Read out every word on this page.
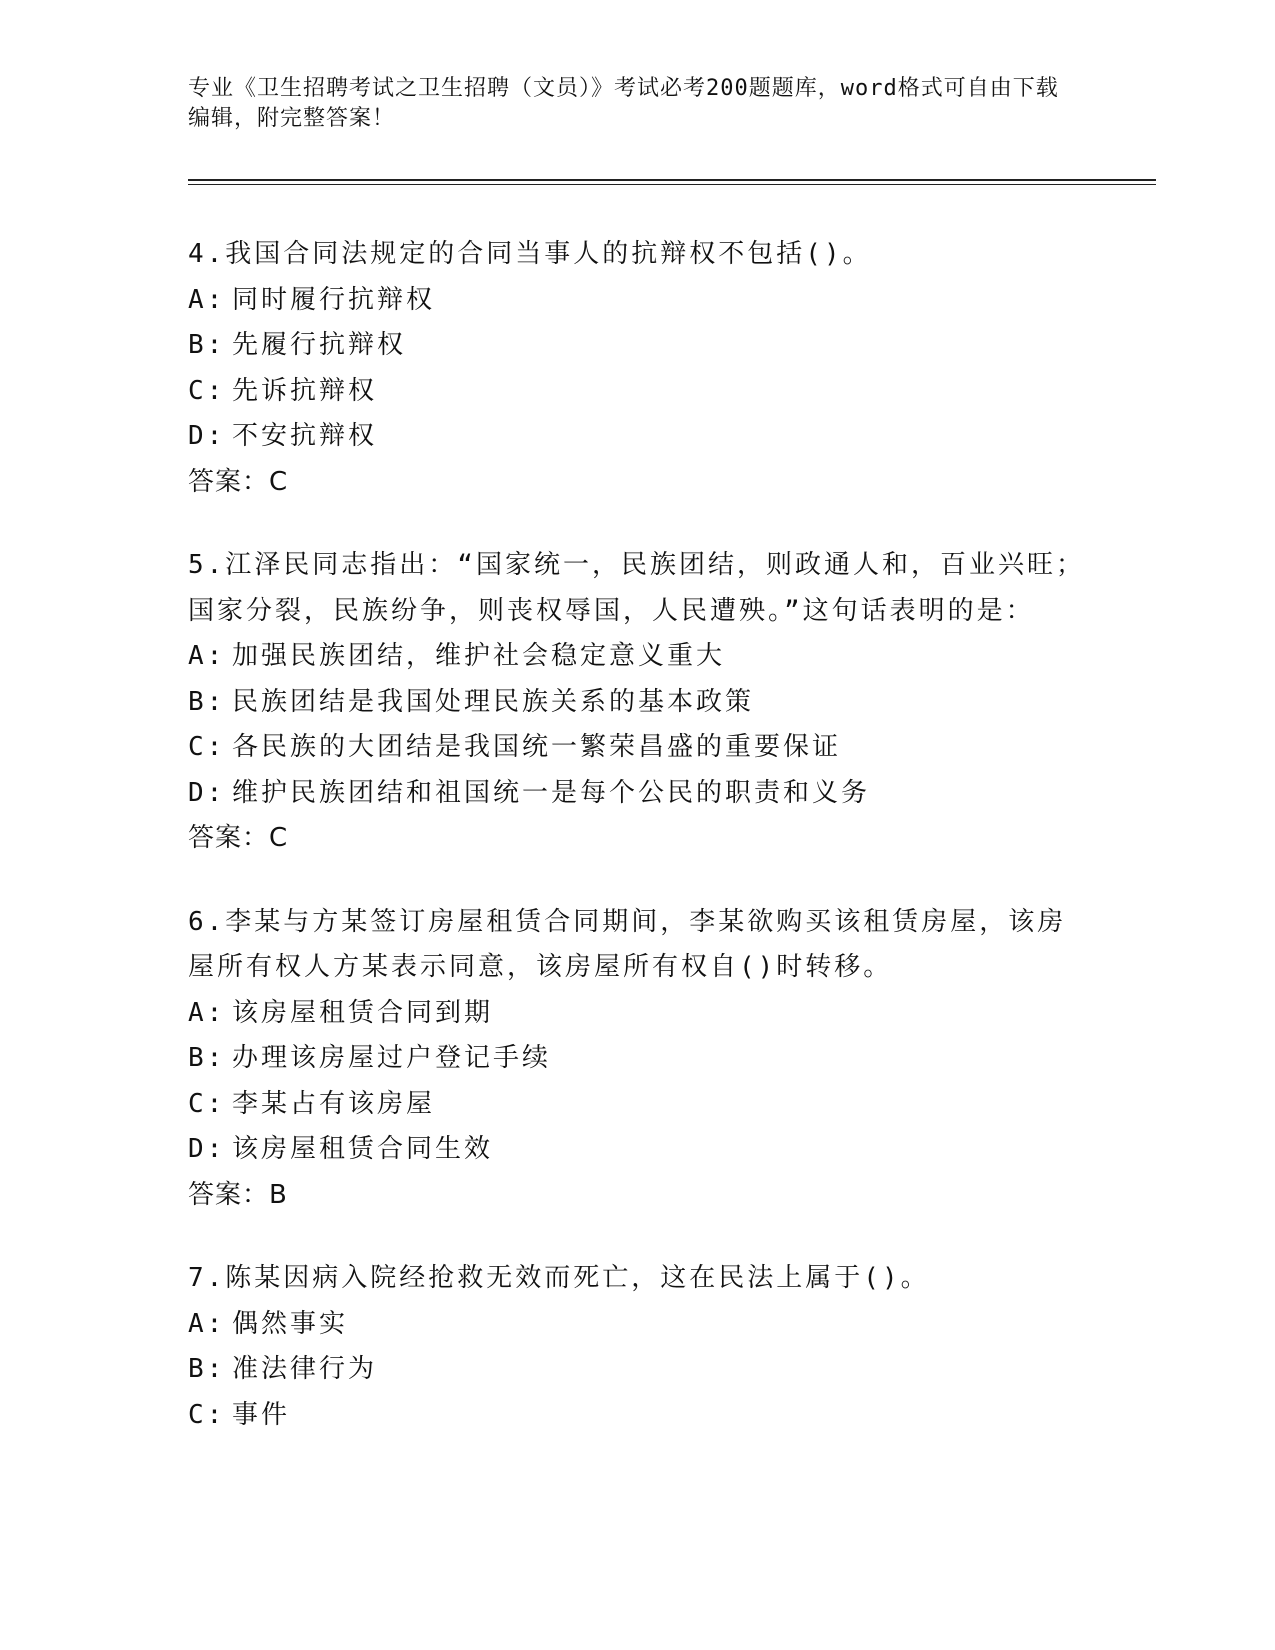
专业《卫生招聘考试之卫生招聘（文员）》考试必考200题题库，word格式可自由下载编辑，附完整答案！
4.我国合同法规定的合同当事人的抗辩权不包括()。
A: 同时履行抗辩权
B: 先履行抗辩权
C: 先诉抗辩权
D: 不安抗辩权
答案：C
5.江泽民同志指出：“国家统一，民族团结，则政通人和，百业兴旺；国家分裂，民族纷争，则丧权辱国，人民遭殃。”这句话表明的是：
A: 加强民族团结，维护社会稳定意义重大
B: 民族团结是我国处理民族关系的基本政策
C: 各民族的大团结是我国统一繁荣昌盛的重要保证
D: 维护民族团结和祖国统一是每个公民的职责和义务
答案：C
6.李某与方某签订房屋租赁合同期间，李某欲购买该租赁房屋，该房屋所有权人方某表示同意，该房屋所有权自()时转移。
A: 该房屋租赁合同到期
B: 办理该房屋过户登记手续
C: 李某占有该房屋
D: 该房屋租赁合同生效
答案：B
7.陈某因病入院经抢救无效而死亡，这在民法上属于()。
A: 偶然事实
B: 准法律行为
C: 事件
